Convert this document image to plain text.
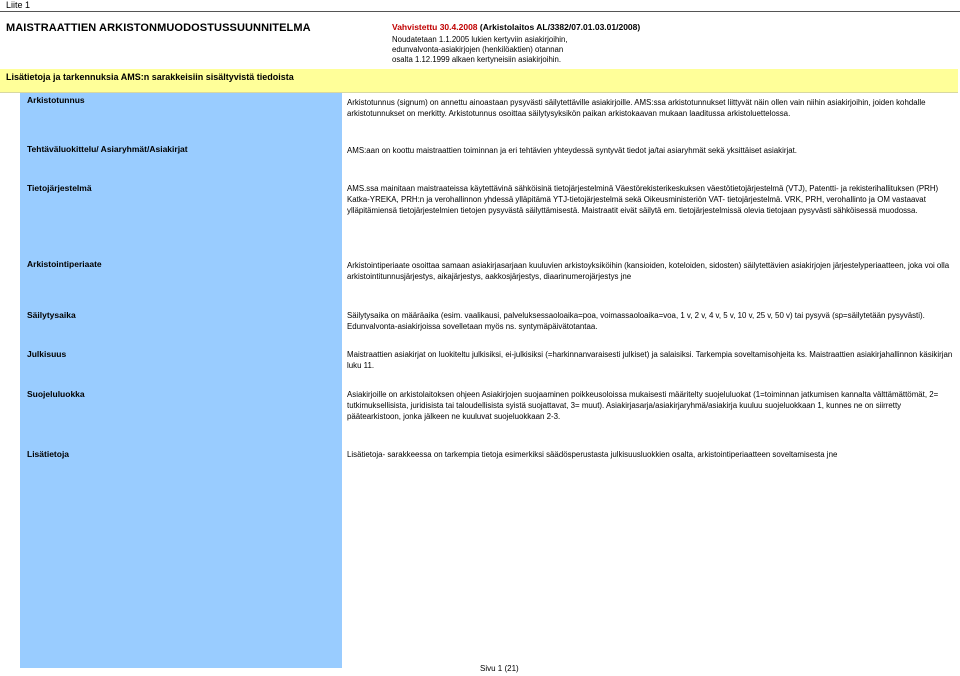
Liite 1
MAISTRAATTIEN ARKISTONMUODOSTUSSUUNNITELMA	Vahvistettu 30.4.2008 (Arkistolaitos AL/3382/07.01.03.01/2008)
Noudatetaan 1.1.2005 lukien kertyviin asiakirjoihin,
edunvalvonta-asiakirjojen (henkilöaktien) otannan
osalta 1.12.1999 alkaen kertyneisiin asiakirjoihin.
Lisätietoja ja tarkennuksia AMS:n sarakkeisiin sisältyvistä tiedoista
Arkistotunnus	Arkistotunnus (signum) on annettu ainoastaan pysyvästi säilytettäville asiakirjoille. AMS:ssa arkistotunnukset liittyvät näin ollen vain niihin asiakirjoihin, joiden kohdalle arkistotunnukset on merkitty. Arkistotunnus osoittaa säilytysyksikön paikan arkistokaavan mukaan laaditussa arkistoluettelossa.
Tehtäväluokittelu/ Asiaryhmät/Asiakirjat	AMS:aan on koottu maistraattien toiminnan ja eri tehtävien yhteydessä syntyvät tiedot ja/tai asiaryhmät sekä yksittäiset asiakirjat.
Tietojärjestelmä	AMS.ssa mainitaan maistraateissa käytettävinä sähköisinä tietojärjestelminä Väestörekisterikeskuksen väestötietojärjestelmä (VTJ), Patentti- ja rekisterihallituksen (PRH) Katka-YREKA, PRH:n ja verohallinnon yhdessä ylläpitämä YTJ-tietojärjestelmä sekä Oikeusministeriön VAT- tietojärjestelmä. VRK, PRH, verohallinto ja OM vastaavat ylläpitämiensä tietojärjestelmien tietojen pysyvästä säilyttämisestä. Maistraatit eivät säilytä em. tietojärjestelmissä olevia tietojaan pysyvästi sähköisessä muodossa.
Arkistointiperiaate	Arkistointiperiaate osoittaa samaan asiakirjasarjaan kuuluvien arkistoyksiköihin (kansioiden, koteloiden, sidosten) säilytettävien asiakirjojen järjestelyperiaatteen, joka voi olla arkistointitunnusjärjestys, aikajärjestys, aakkosjärjestys, diaarinumerojärjestys jne
Säilytysaika	Säilytysaika on määräaika (esim. vaalikausi, palveluksessaoloaika=poa, voimassaoloaika=voa, 1 v, 2 v, 4 v, 5 v, 10 v, 25 v, 50 v) tai pysyvä (sp=säilytetään pysyvästi). Edunvalvonta-asiakirjoissa sovelletaan myös ns. syntymäpäivätotantaa.
Julkisuus	Maistraattien asiakirjat on luokiteltu julkisiksi, ei-julkisiksi (=harkinnanvaraisesti julkiset) ja salaisiksi. Tarkempia soveltamisohjeita ks. Maistraattien asiakirjahallinnon käsikirjan luku 11.
Suojeluluokka	Asiakirjoille on arkistolaitoksen ohjeen Asiakirjojen suojaaminen poikkeusoloissa mukaisesti määritelty suojeluluokat (1=toiminnan jatkumisen kannalta välttämättömät, 2= tutkimuksellisista, juridisista tai taloudellisista syistä suojattavat, 3= muut). Asiakirjasarja/asiakirjaryhmä/asiakirja kuuluu suojeluokkaan 1, kunnes ne on siirretty päätearkistoon, jonka jälkeen ne kuuluvat suojeluokkaan 2-3.
Lisätietoja	Lisätietoja- sarakkeessa on tarkempia tietoja esimerkiksi säädösperustasta julkisuusluokkien osalta, arkistointiperiaatteen soveltamisesta jne
Sivu 1 (21)
